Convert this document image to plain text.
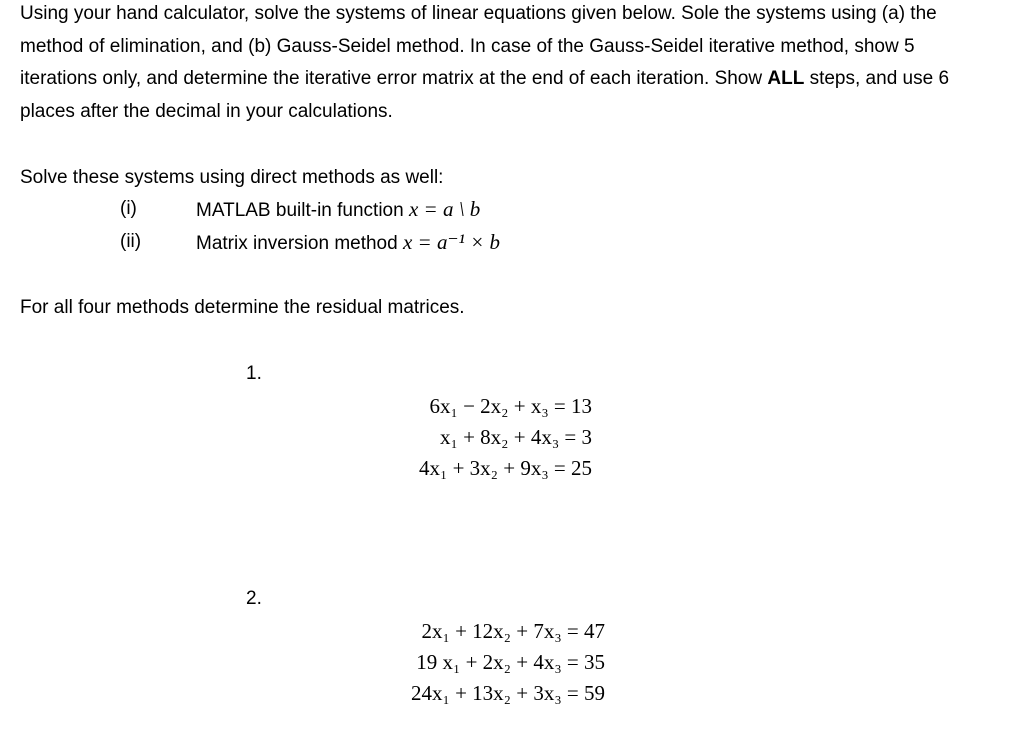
Using your hand calculator, solve the systems of linear equations given below. Sole the systems using (a) the method of elimination, and (b) Gauss-Seidel method. In case of the Gauss-Seidel iterative method, show 5 iterations only, and determine the iterative error matrix at the end of each iteration. Show ALL steps, and use 6 places after the decimal in your calculations.

Solve these systems using direct methods as well:

(i)	MATLAB built-in function x = a \ b
(ii)	Matrix inversion method x = a⁻¹ × b

For all four methods determine the residual matrices.

1.
6x₁ − 2x₂ + x₃ = 13
x₁ + 8x₂ + 4x₃ = 3
4x₁ + 3x₂ + 9x₃ = 25
2.
2x₁ + 12x₂ + 7x₃ = 47
19 x₁ + 2x₂ + 4x₃ = 35
24x₁ + 13x₂ + 3x₃ = 59
